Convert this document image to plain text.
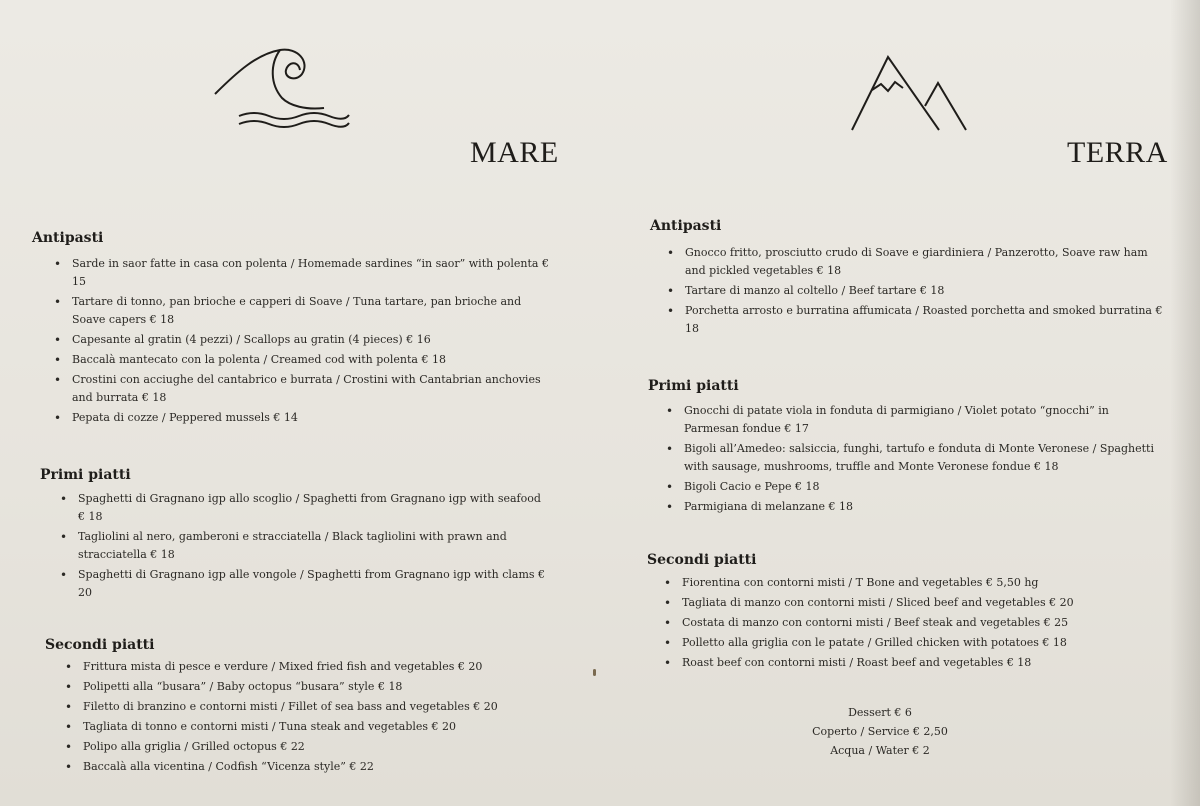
MARE	TERRA
Antipasti
• Sarde in saor fatte in casa con polenta / Homemade sardines “in saor” with polenta € 15
• Tartare di tonno, pan brioche e capperi di Soave / Tuna tartare, pan brioche and Soave capers € 18
• Capesante al gratin (4 pezzi) / Scallops au gratin (4 pieces) € 16
• Baccalà mantecato con la polenta / Creamed cod with polenta € 18
• Crostini con acciughe del cantabrico e burrata / Crostini with Cantabrian anchovies and burrata € 18
• Pepata di cozze / Peppered mussels € 14
Primi piatti
• Spaghetti di Gragnano igp allo scoglio / Spaghetti from Gragnano igp with seafood € 18
• Tagliolini al nero, gamberoni e stracciatella / Black tagliolini with prawn and stracciatella € 18
• Spaghetti di Gragnano igp alle vongole / Spaghetti from Gragnano igp with clams € 20
Secondi piatti
• Frittura mista di pesce e verdure / Mixed fried fish and vegetables € 20
• Polipetti alla “busara” / Baby octopus “busara” style € 18
• Filetto di branzino e contorni misti / Fillet of sea bass and vegetables € 20
• Tagliata di tonno e contorni misti / Tuna steak and vegetables € 20
• Polipo alla griglia / Grilled octopus € 22
• Baccalà alla vicentina / Codfish “Vicenza style” € 22
Antipasti
• Gnocco fritto, prosciutto crudo di Soave e giardiniera / Panzerotto, Soave raw ham and pickled vegetables € 18
• Tartare di manzo al coltello / Beef tartare € 18
• Porchetta arrosto e burratina affumicata / Roasted porchetta and smoked burratina € 18
Primi piatti
• Gnocchi di patate viola in fonduta di parmigiano / Violet potato “gnocchi” in Parmesan fondue € 17
• Bigoli all’Amedeo: salsiccia, funghi, tartufo e fonduta di Monte Veronese / Spaghetti with sausage, mushrooms, truffle and Monte Veronese fondue € 18
• Bigoli Cacio e Pepe € 18
• Parmigiana di melanzane € 18
Secondi piatti
• Fiorentina con contorni misti / T Bone and vegetables € 5,50 hg
• Tagliata di manzo con contorni misti / Sliced beef and vegetables € 20
• Costata di manzo con contorni misti / Beef steak and vegetables € 25
• Polletto alla griglia con le patate / Grilled chicken with potatoes € 18
• Roast beef con contorni misti / Roast beef and vegetables € 18
Dessert € 6
Coperto / Service € 2,50
Acqua / Water € 2
